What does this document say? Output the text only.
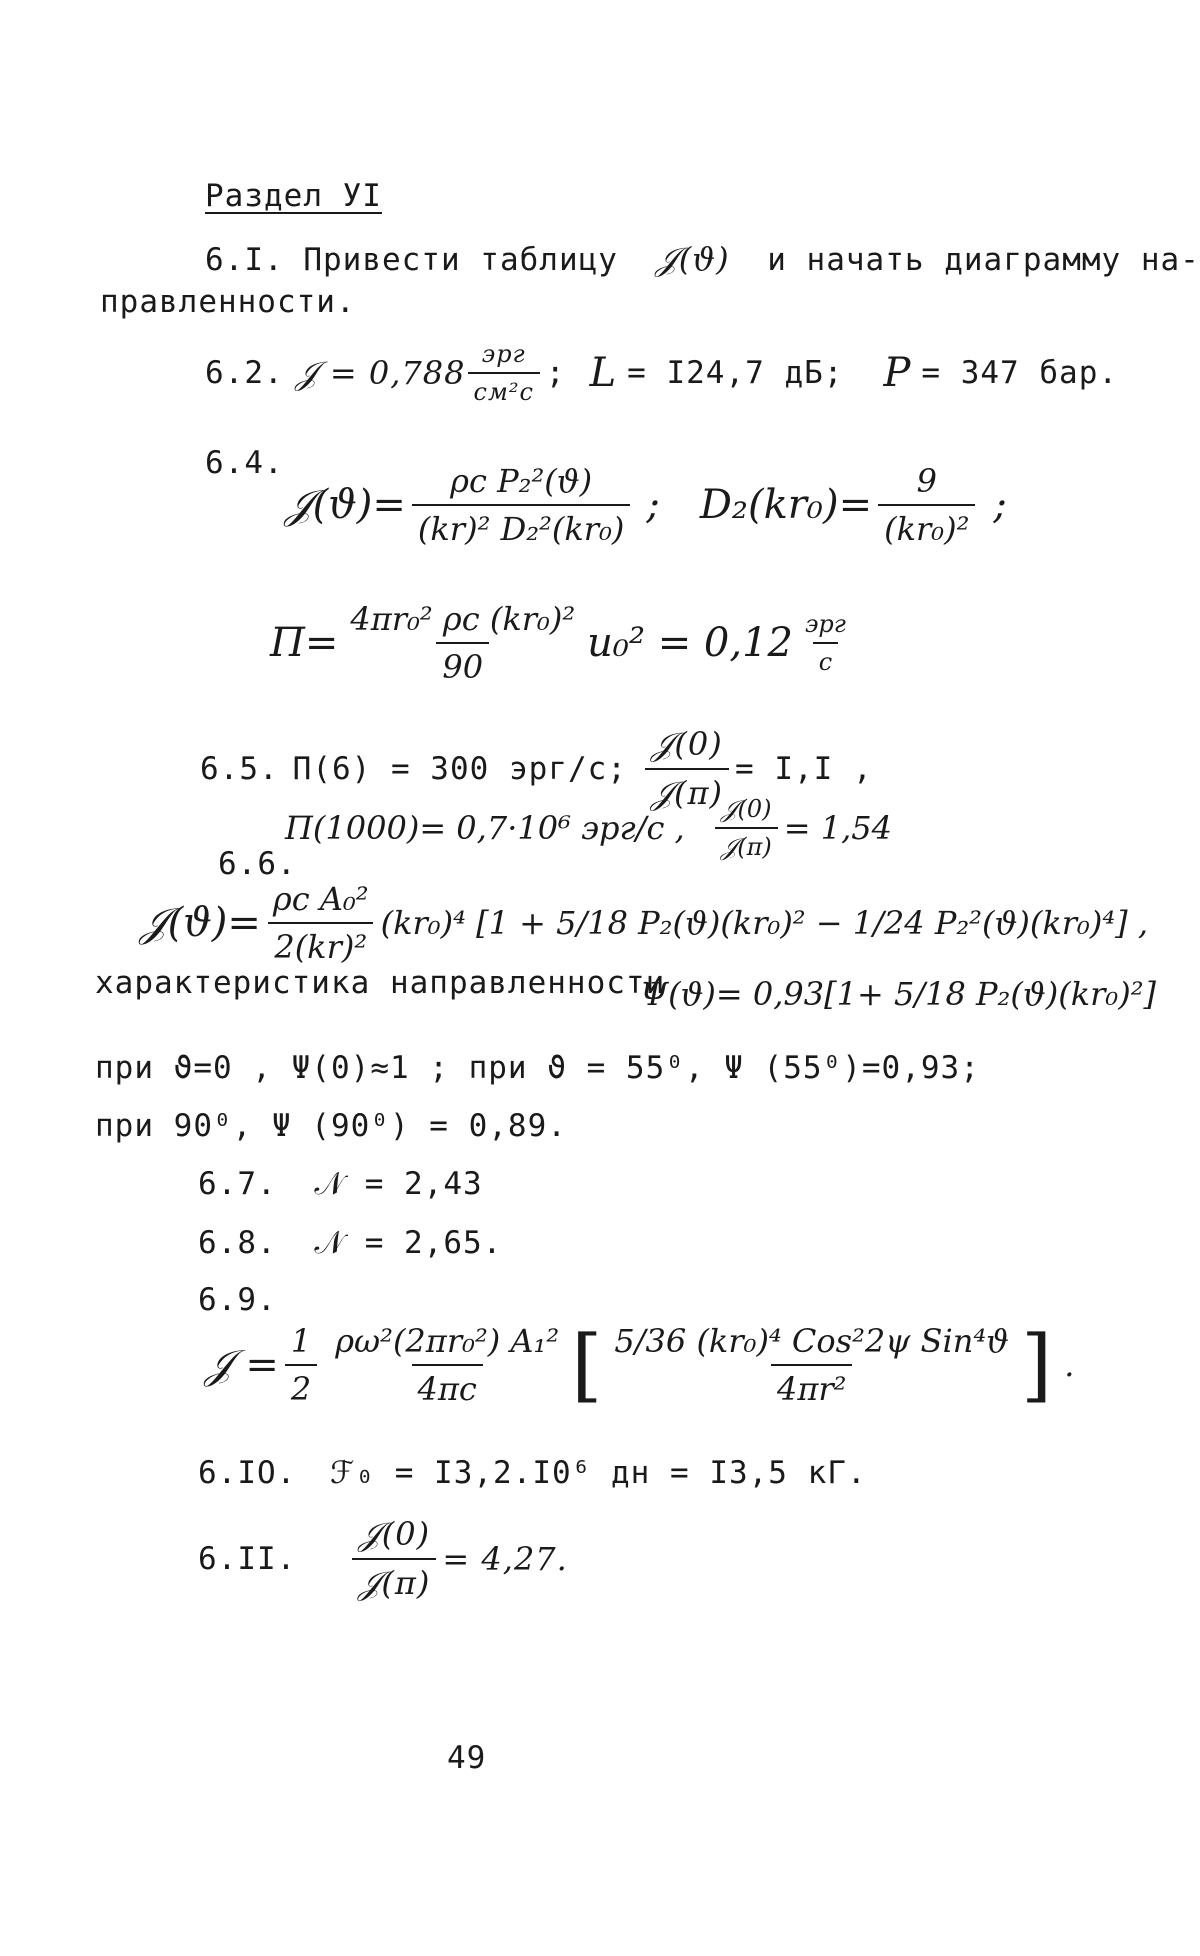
Раздел УI
6.I. Привести таблицу 𝒥(ϑ) и начать диаграмму на-
правленности.
6.2. 𝒥 = $0,788 \frac{\text{эрг}}{\text{см²с}}$ ; L = I24,7 дБ; P = 347 бар.
6.4.
𝒥(ϑ)= $\frac{\text{ρc P₂²(ϑ)}}{\text{(kr)² D₂²(kr₀)}}$ ; $D_2(kr_0)= \frac{9}{\text{(kr₀)²}}$ ;
$П= \frac{\text{4πr₀² ρc (kr₀)²}}{90} u_0^2 = 0,12 \frac{\text{эрг}}{с}$
6.5. П(6) = 300 эрг/с; $\frac{\text{𝒥(0)}}{\text{𝒥(π)}} = I,I$ ,
П(1000)= 0,7·10⁶ эрг/с , $\frac{\text{𝒥(0)}}{\text{𝒥(π)}} = 1,54$
6.6.
𝒥(ϑ)= $\frac{\text{ρc A₀²}}{\text{2(kr)²}} (kr_0)^4$ [1 + 5/18 P₂(ϑ)(kr₀)² − 1/24 P₂²(ϑ)(kr₀)⁴] ,
характеристика направленности
Ψ(ϑ)= 0,93[1+ 5/18 P₂(ϑ)(kr₀)²]
при ϑ=0 , Ψ(0)≈1 ; при ϑ = 55⁰, Ψ (55⁰)=0,93;
при 90⁰, Ψ (90⁰) = 0,89.
6.7. 𝒩 = 2,43
6.8. 𝒩 = 2,65.
6.9.
𝒥 = $\frac{1}{2} \frac{\text{ρω²(2πr₀²) A₁²}}{4\pi c}$ [ $\frac{\text{5/36 (kr₀)⁴ Cos²2ψ Sin⁴ϑ}}{\text{4πr²}}$ ] .
6.IO. ℱ₀ = I3,2.I0⁶ дн = I3,5 кГ.
6.II. $\frac{\text{𝒥(0)}}{\text{𝒥(π)}} = 4,27$.
49
